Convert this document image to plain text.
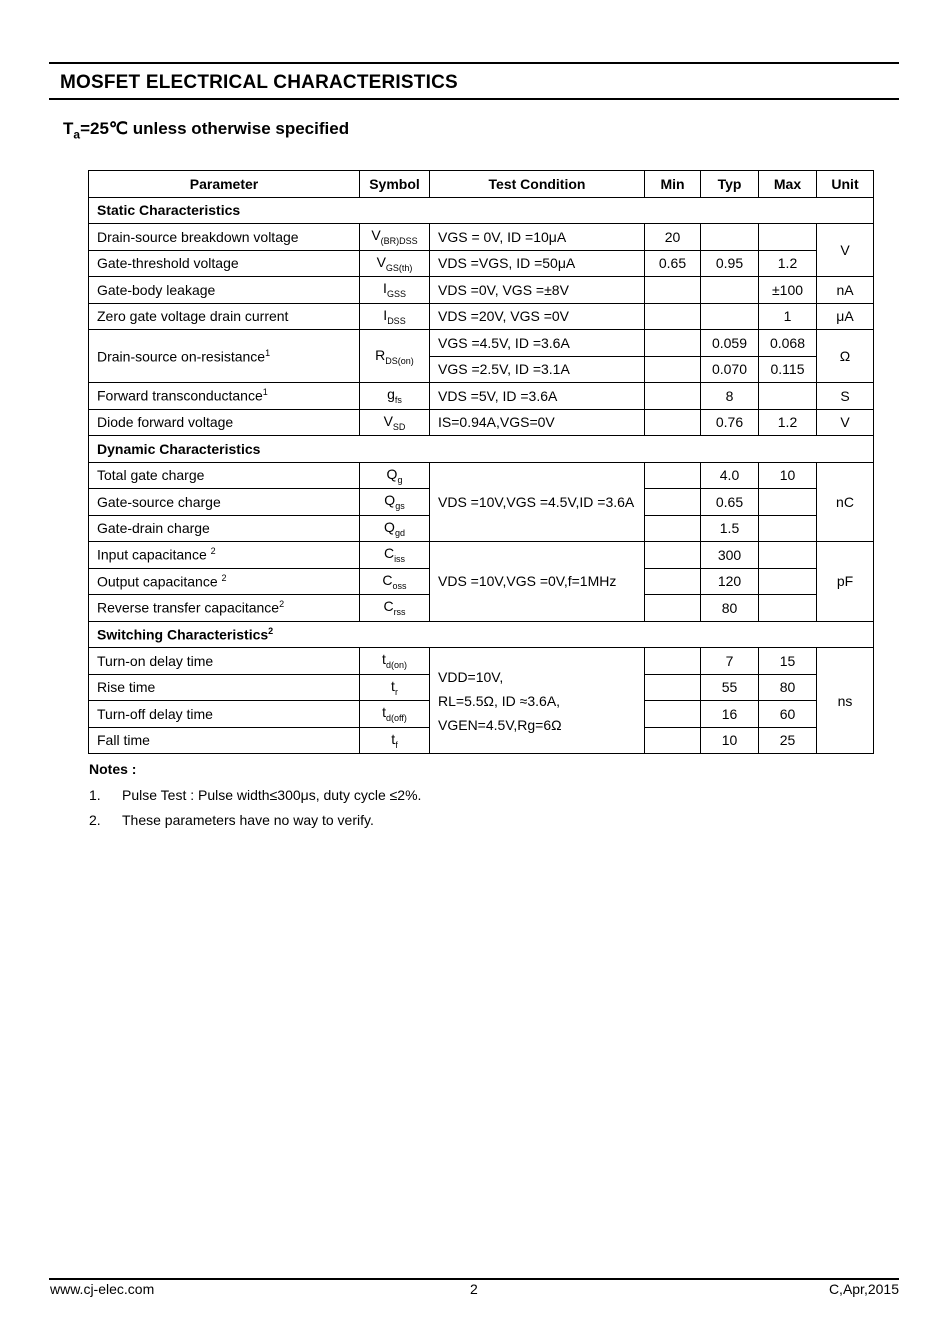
MOSFET ELECTRICAL CHARACTERISTICS
$T_a=25℃$ unless otherwise specified
Parameter	Symbol	Test Condition	Min	Typ	Max	Unit
Static Characteristics						
Drain-source breakdown voltage	$V_{(BR)DSS}$	VGS = 0V, ID =10μA	20			V
Gate-threshold voltage	$V_{GS(th)}$	VDS =VGS, ID =50μA	0.65	0.95	1.2	
Gate-body leakage	$I_{GSS}$	VDS =0V, VGS =±8V			±100	nA
Zero gate voltage drain current	$I_{DSS}$	VDS =20V, VGS =0V			1	μA
Drain-source on-resistance$^1$	$R_{DS(on)}$	VGS =4.5V, ID =3.6A		0.059	0.068	Ω
		VGS =2.5V, ID =3.1A		0.070	0.115	
Forward transconductance$^1$	$g_{fs}$	VDS =5V, ID =3.6A		8		S
Diode forward voltage	$V_{SD}$	IS=0.94A,VGS=0V		0.76	1.2	V
Dynamic Characteristics						
Total gate charge	$Q_g$	VDS =10V,VGS =4.5V,ID =3.6A		4.0	10	nC
Gate-source charge	$Q_{gs}$			0.65		
Gate-drain charge	$Q_{gd}$			1.5		
Input capacitance $^2$	$C_{iss}$	VDS =10V,VGS =0V,f=1MHz		300		pF
Output capacitance $^2$	$C_{oss}$			120		
Reverse transfer capacitance$^2$	$C_{rss}$			80		
Switching Characteristics$^2$
Turn-on delay time	$t_{d(on)}$	VDD=10V,
RL=5.5Ω, ID ≈3.6A,
VGEN=4.5V,Rg=6Ω		7	15	ns
Rise time	$t_r$			55	80	
Turn-off delay time	$t_{d(off)}$			16	60	
Fall time	$t_f$			10	25	
Notes :
1. Pulse Test : Pulse width≤300μs, duty cycle ≤2%.
2. These parameters have no way to verify.
www.cj-elec.com	2	C,Apr,2015
